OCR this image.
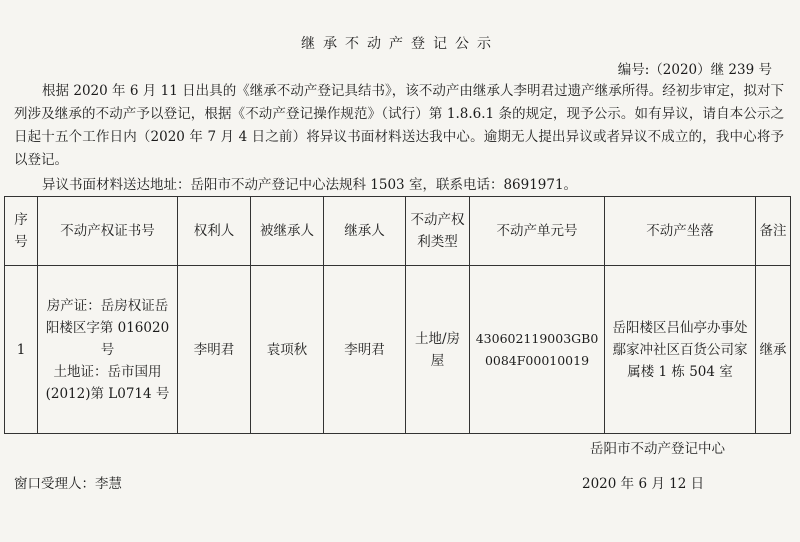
继承不动产登记公示
编号:（2020）继 239 号
根据 2020 年 6 月 11 日出具的《继承不动产登记具结书》，该不动产由继承人李明君过遗产继承所得。经初步审定，拟对下列涉及继承的不动产予以登记，根据《不动产登记操作规范》（试行）第 1.8.6.1 条的规定，现予公示。如有异议，请自本公示之日起十五个工作日内（2020 年 7 月 4 日之前）将异议书面材料送达我中心。逾期无人提出异议或者异议不成立的，我中心将予以登记。
异议书面材料送达地址：岳阳市不动产登记中心法规科 1503 室，联系电话：8691971。
序号	不动产权证书号	权利人	被继承人	继承人	不动产权利类型	不动产单元号	不动产坐落	备注
1	房产证：岳房权证岳阳楼区字第 016020 号
土地证：岳市国用(2012)第 L0714 号	李明君	袁项秋	李明君	土地/房屋	430602119003GB00084F00010019	岳阳楼区吕仙亭办事处鄢家冲社区百货公司家属楼 1 栋 504 室	继承
岳阳市不动产登记中心
窗口受理人：李慧	2020 年 6 月 12 日
